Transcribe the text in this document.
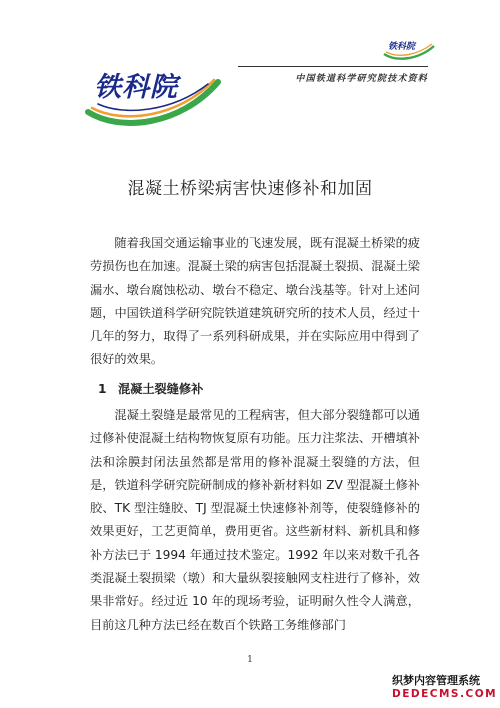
铁科院
铁科院	中国铁道科学研究院技术资料
混凝土桥梁病害快速修补和加固

随着我国交通运输事业的飞速发展，既有混凝土桥梁的疲劳损伤也在加速。混凝土梁的病害包括混凝土裂损、混凝土梁漏水、墩台腐蚀松动、墩台不稳定、墩台浅基等。针对上述问题，中国铁道科学研究院铁道建筑研究所的技术人员，经过十几年的努力，取得了一系列科研成果，并在实际应用中得到了很好的效果。

1 混凝土裂缝修补

混凝土裂缝是最常见的工程病害，但大部分裂缝都可以通过修补使混凝土结构物恢复原有功能。压力注浆法、开槽填补法和涂膜封闭法虽然都是常用的修补混凝土裂缝的方法，但是，铁道科学研究院研制成的修补新材料如 ZV 型混凝土修补胶、TK 型注缝胶、TJ 型混凝土快速修补剂等，使裂缝修补的效果更好，工艺更简单，费用更省。这些新材料、新机具和修补方法已于 1994 年通过技术鉴定。1992 年以来对数千孔各类混凝土裂损梁（墩）和大量纵裂接触网支柱进行了修补，效果非常好。经过近 10 年的现场考验，证明耐久性令人满意，目前这几种方法已经在数百个铁路工务维修部门

1
织梦内容管理系统
DEDECMS.COM
